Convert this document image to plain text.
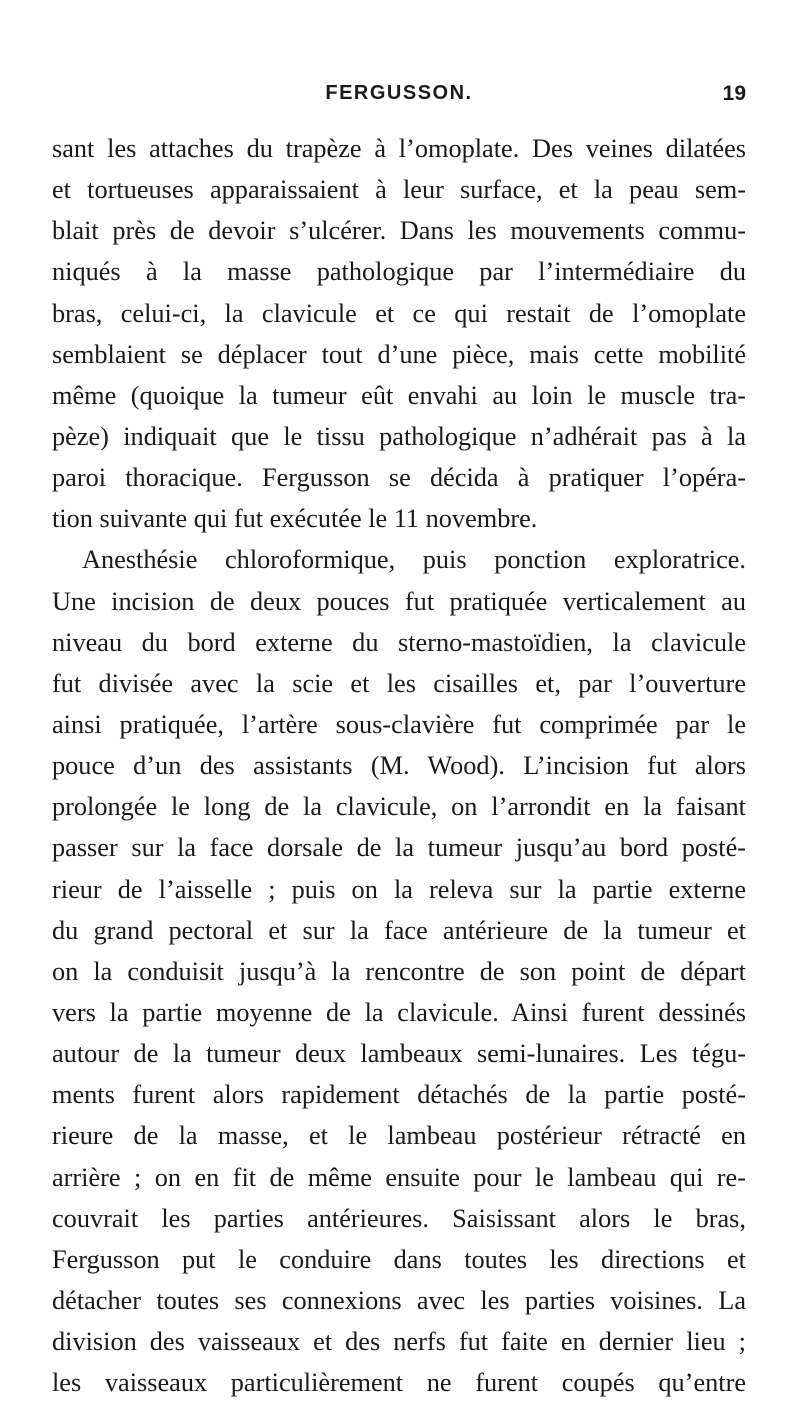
FERGUSSON.	19
sant les attaches du trapèze à l’omoplate. Des veines dilatées
et tortueuses apparaissaient à leur surface, et la peau sem-
blait près de devoir s’ulcérer. Dans les mouvements commu-
niqués à la masse pathologique par l’intermédiaire du
bras, celui-ci, la clavicule et ce qui restait de l’omoplate
semblaient se déplacer tout d’une pièce, mais cette mobilité
même (quoique la tumeur eût envahi au loin le muscle tra-
pèze) indiquait que le tissu pathologique n’adhérait pas à la
paroi thoracique. Fergusson se décida à pratiquer l’opéra-
tion suivante qui fut exécutée le 11 novembre.
Anesthésie chloroformique, puis ponction exploratrice.
Une incision de deux pouces fut pratiquée verticalement au
niveau du bord externe du sterno-mastoïdien, la clavicule
fut divisée avec la scie et les cisailles et, par l’ouverture
ainsi pratiquée, l’artère sous-clavière fut comprimée par le
pouce d’un des assistants (M. Wood). L’incision fut alors
prolongée le long de la clavicule, on l’arrondit en la faisant
passer sur la face dorsale de la tumeur jusqu’au bord posté-
rieur de l’aisselle ; puis on la releva sur la partie externe
du grand pectoral et sur la face antérieure de la tumeur et
on la conduisit jusqu’à la rencontre de son point de départ
vers la partie moyenne de la clavicule. Ainsi furent dessinés
autour de la tumeur deux lambeaux semi-lunaires. Les tégu-
ments furent alors rapidement détachés de la partie posté-
rieure de la masse, et le lambeau postérieur rétracté en
arrière ; on en fit de même ensuite pour le lambeau qui re-
couvrait les parties antérieures. Saisissant alors le bras,
Fergusson put le conduire dans toutes les directions et
détacher toutes ses connexions avec les parties voisines. La
division des vaisseaux et des nerfs fut faite en dernier lieu ;
les vaisseaux particulièrement ne furent coupés qu’entre
